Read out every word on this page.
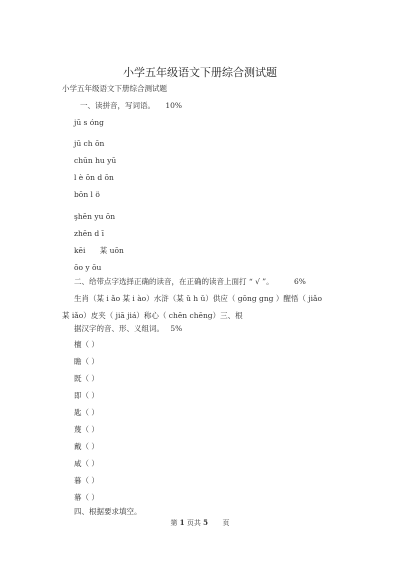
小学五年级语文下册综合测试题
小学五年级语文下册综合测试题
一、读拼音，写词语。 10%
jū s óng
jū ch ōn
chūn hu yū
l è ōn d ōn
bōn l ö
şhēn yu ōn
zhēn d ī
kēi 某 uōn
ōo y ōu
二、给带点字选择正确的读音，在正确的读音上面打 “ √ ”。	6%
生肖（某 i ǎo 某 i ào）水浒（某 ǔ h ǔ）供应（ gōng gng ）醒悟（ jiǎo
某 iǎo）皮夹（ jiā jiá）称心（ chēn chēng）三、根
据汉字的音、形、义组词。 5%
檀（ ）
瞻（ ）
既（ ）
即（ ）
匙（ ）
蔑（ ）
戴（ ）
咸（ ）
暮（ ）
幕（ ）
四、根据要求填空。
第 1 页共 5 页
